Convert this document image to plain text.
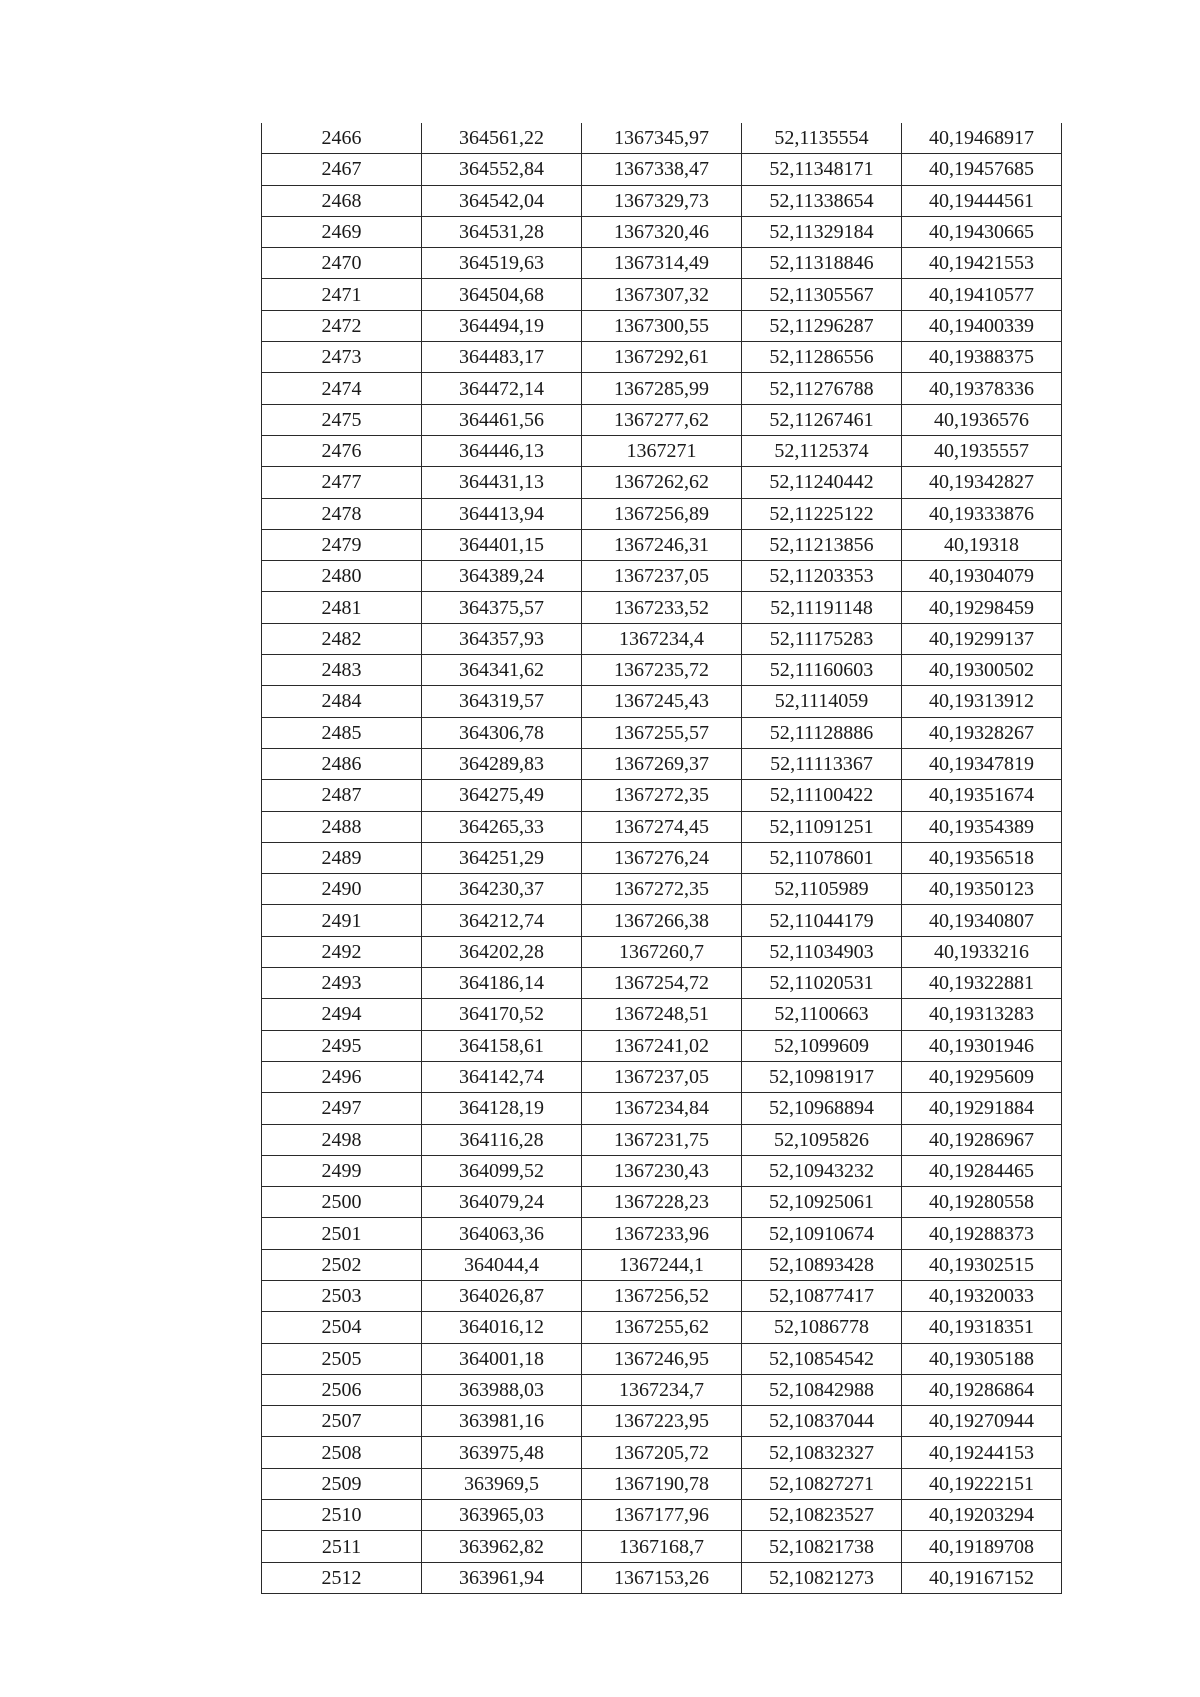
2466	364561,22	1367345,97	52,1135554	40,19468917
2467	364552,84	1367338,47	52,11348171	40,19457685
2468	364542,04	1367329,73	52,11338654	40,19444561
2469	364531,28	1367320,46	52,11329184	40,19430665
2470	364519,63	1367314,49	52,11318846	40,19421553
2471	364504,68	1367307,32	52,11305567	40,19410577
2472	364494,19	1367300,55	52,11296287	40,19400339
2473	364483,17	1367292,61	52,11286556	40,19388375
2474	364472,14	1367285,99	52,11276788	40,19378336
2475	364461,56	1367277,62	52,11267461	40,1936576
2476	364446,13	1367271	52,1125374	40,1935557
2477	364431,13	1367262,62	52,11240442	40,19342827
2478	364413,94	1367256,89	52,11225122	40,19333876
2479	364401,15	1367246,31	52,11213856	40,19318
2480	364389,24	1367237,05	52,11203353	40,19304079
2481	364375,57	1367233,52	52,11191148	40,19298459
2482	364357,93	1367234,4	52,11175283	40,19299137
2483	364341,62	1367235,72	52,11160603	40,19300502
2484	364319,57	1367245,43	52,1114059	40,19313912
2485	364306,78	1367255,57	52,11128886	40,19328267
2486	364289,83	1367269,37	52,11113367	40,19347819
2487	364275,49	1367272,35	52,11100422	40,19351674
2488	364265,33	1367274,45	52,11091251	40,19354389
2489	364251,29	1367276,24	52,11078601	40,19356518
2490	364230,37	1367272,35	52,1105989	40,19350123
2491	364212,74	1367266,38	52,11044179	40,19340807
2492	364202,28	1367260,7	52,11034903	40,1933216
2493	364186,14	1367254,72	52,11020531	40,19322881
2494	364170,52	1367248,51	52,1100663	40,19313283
2495	364158,61	1367241,02	52,1099609	40,19301946
2496	364142,74	1367237,05	52,10981917	40,19295609
2497	364128,19	1367234,84	52,10968894	40,19291884
2498	364116,28	1367231,75	52,1095826	40,19286967
2499	364099,52	1367230,43	52,10943232	40,19284465
2500	364079,24	1367228,23	52,10925061	40,19280558
2501	364063,36	1367233,96	52,10910674	40,19288373
2502	364044,4	1367244,1	52,10893428	40,19302515
2503	364026,87	1367256,52	52,10877417	40,19320033
2504	364016,12	1367255,62	52,1086778	40,19318351
2505	364001,18	1367246,95	52,10854542	40,19305188
2506	363988,03	1367234,7	52,10842988	40,19286864
2507	363981,16	1367223,95	52,10837044	40,19270944
2508	363975,48	1367205,72	52,10832327	40,19244153
2509	363969,5	1367190,78	52,10827271	40,19222151
2510	363965,03	1367177,96	52,10823527	40,19203294
2511	363962,82	1367168,7	52,10821738	40,19189708
2512	363961,94	1367153,26	52,10821273	40,19167152
